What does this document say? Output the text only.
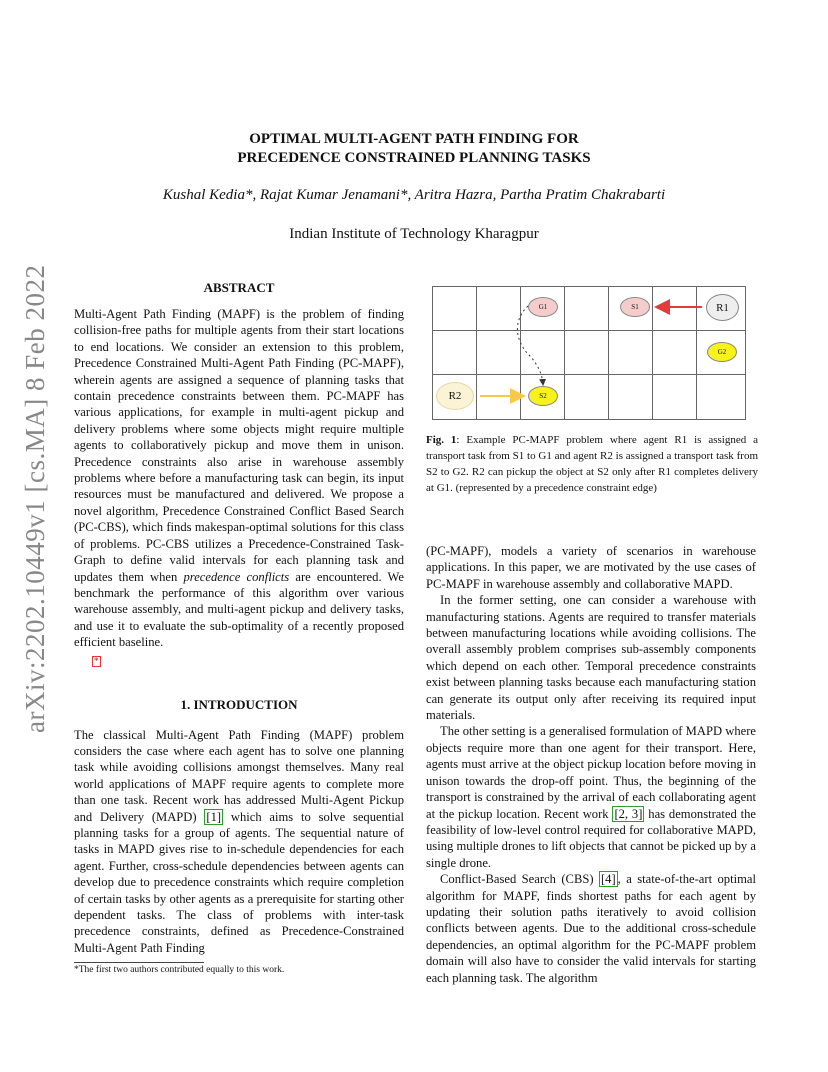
arXiv:2202.10449v1 [cs.MA] 8 Feb 2022
OPTIMAL MULTI-AGENT PATH FINDING FOR
PRECEDENCE CONSTRAINED PLANNING TASKS
Kushal Kedia*, Rajat Kumar Jenamani*, Aritra Hazra, Partha Pratim Chakrabarti
Indian Institute of Technology Kharagpur
ABSTRACT

Multi-Agent Path Finding (MAPF) is the problem of finding collision-free paths for multiple agents from their start locations to end locations. We consider an extension to this problem, Precedence Constrained Multi-Agent Path Finding (PC-MAPF), wherein agents are assigned a sequence of planning tasks that contain precedence constraints between them. PC-MAPF has various applications, for example in multi-agent pickup and delivery problems where some objects might require multiple agents to collaboratively pickup and move them in unison. Precedence constraints also arise in warehouse assembly problems where before a manufacturing task can begin, its input resources must be manufactured and delivered. We propose a novel algorithm, Precedence Constrained Conflict Based Search (PC-CBS), which finds makespan-optimal solutions for this class of problems. PC-CBS utilizes a Precedence-Constrained Task-Graph to define valid intervals for each planning task and updates them when precedence conflicts are encountered. We benchmark the performance of this algorithm over various warehouse assembly, and multi-agent pickup and delivery tasks, and use it to evaluate the sub-optimality of a recently proposed efficient baseline.

*
1. INTRODUCTION

The classical Multi-Agent Path Finding (MAPF) problem considers the case where each agent has to solve one planning task while avoiding collisions amongst themselves. Many real world applications of MAPF require agents to complete more than one task. Recent work has addressed Multi-Agent Pickup and Delivery (MAPD) [1] which aims to solve sequential planning tasks for a group of agents. The sequential nature of tasks in MAPD gives rise to in-schedule dependencies for each agent. Further, cross-schedule dependencies between agents can develop due to precedence constraints which require completion of certain tasks by other agents as a prerequisite for starting other dependent tasks. The class of problems with inter-task precedence constraints, defined as Precedence-Constrained Multi-Agent Path Finding

*The first two authors contributed equally to this work.
G1	S1	R1
G2
R2	S2
Fig. 1: Example PC-MAPF problem where agent R1 is assigned a transport task from S1 to G1 and agent R2 is assigned a transport task from S2 to G2. R2 can pickup the object at S2 only after R1 completes delivery at G1. (represented by a precedence constraint edge)

(PC-MAPF), models a variety of scenarios in warehouse applications. In this paper, we are motivated by the use cases of PC-MAPF in warehouse assembly and collaborative MAPD.

In the former setting, one can consider a warehouse with manufacturing stations. Agents are required to transfer materials between manufacturing locations while avoiding collisions. The overall assembly problem comprises sub-assembly components which depend on each other. Temporal precedence constraints exist between planning tasks because each manufacturing station can generate its output only after receiving its required input materials.

The other setting is a generalised formulation of MAPD where objects require more than one agent for their transport. Here, agents must arrive at the object pickup location before moving in unison towards the drop-off point. Thus, the beginning of the transport is constrained by the arrival of each collaborating agent at the pickup location. Recent work [2, 3] has demonstrated the feasibility of low-level control required for collaborative MAPD, using multiple drones to lift objects that cannot be picked up by a single drone.

Conflict-Based Search (CBS) [4] , a state-of-the-art optimal algorithm for MAPF, finds shortest paths for each agent by updating their solution paths iteratively to avoid collision conflicts between agents. Due to the additional cross-schedule dependencies, an optimal algorithm for the PC-MAPF problem domain will also have to consider the valid intervals for starting each planning task. The algorithm
